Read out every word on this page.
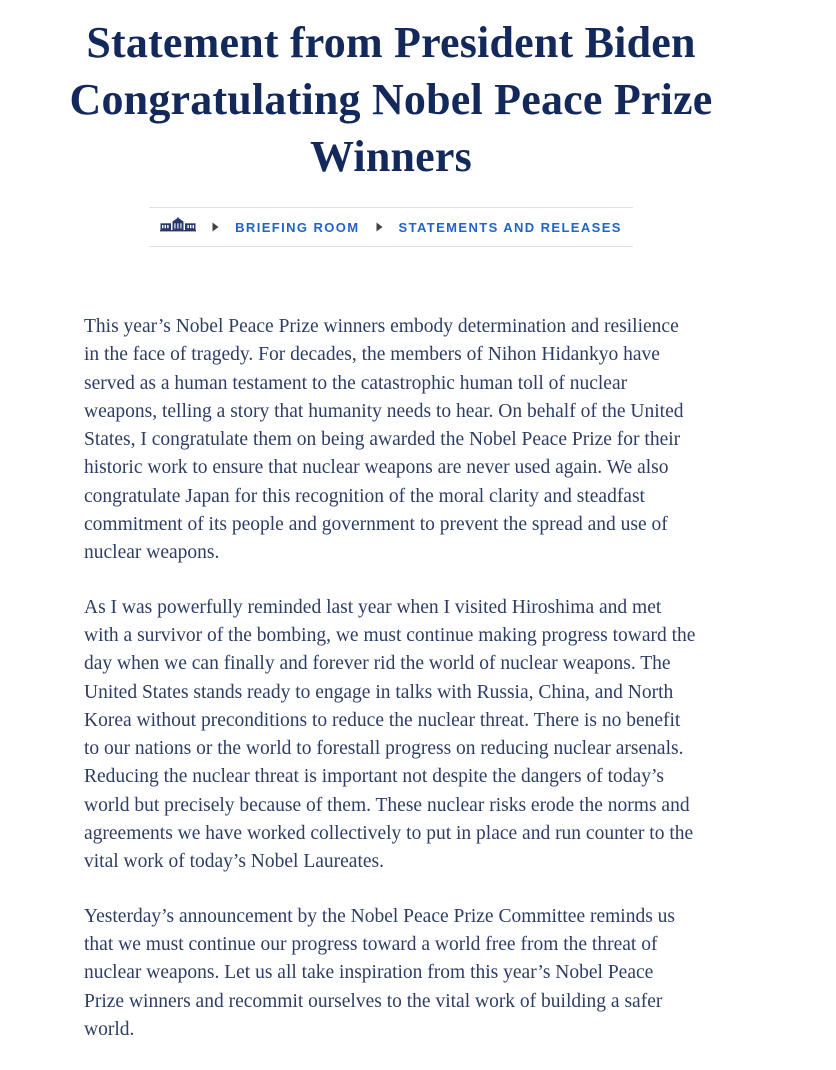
Statement from President Biden Congratulating Nobel Peace Prize Winners
BRIEFING ROOM	STATEMENTS AND RELEASES

This year’s Nobel Peace Prize winners embody determination and resilience in the face of tragedy. For decades, the members of Nihon Hidankyo have served as a human testament to the catastrophic human toll of nuclear weapons, telling a story that humanity needs to hear. On behalf of the United States, I congratulate them on being awarded the Nobel Peace Prize for their historic work to ensure that nuclear weapons are never used again. We also congratulate Japan for this recognition of the moral clarity and steadfast commitment of its people and government to prevent the spread and use of nuclear weapons.

As I was powerfully reminded last year when I visited Hiroshima and met with a survivor of the bombing, we must continue making progress toward the day when we can finally and forever rid the world of nuclear weapons. The United States stands ready to engage in talks with Russia, China, and North Korea without preconditions to reduce the nuclear threat. There is no benefit to our nations or the world to forestall progress on reducing nuclear arsenals. Reducing the nuclear threat is important not despite the dangers of today’s world but precisely because of them. These nuclear risks erode the norms and agreements we have worked collectively to put in place and run counter to the vital work of today’s Nobel Laureates.

Yesterday’s announcement by the Nobel Peace Prize Committee reminds us that we must continue our progress toward a world free from the threat of nuclear weapons. Let us all take inspiration from this year’s Nobel Peace Prize winners and recommit ourselves to the vital work of building a safer world.
